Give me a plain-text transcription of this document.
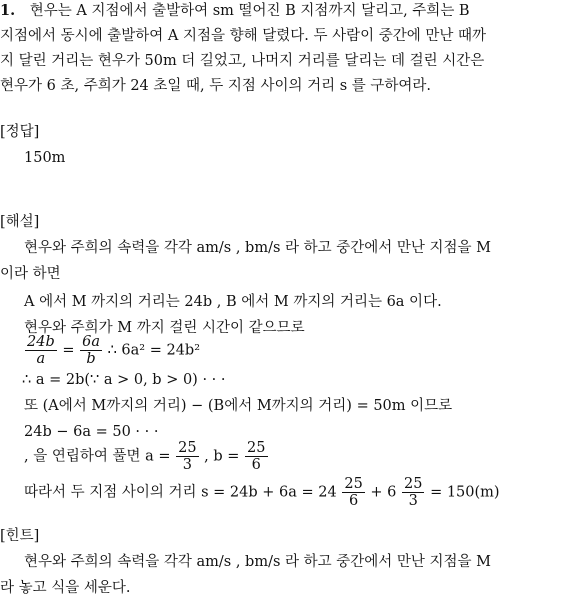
1. 현우는 A 지점에서 출발하여 sm 떨어진 B 지점까지 달리고, 주희는 B
지점에서 동시에 출발하여 A 지점을 향해 달렸다. 두 사람이 중간에 만난 때까
지 달린 거리는 현우가 50m 더 길었고, 나머지 거리를 달리는 데 걸린 시간은
현우가 6 초, 주희가 24 초일 때, 두 지점 사이의 거리 s 를 구하여라.
[정답]
150m
[해설]
현우와 주희의 속력을 각각 am/s , bm/s 라 하고 중간에서 만난 지점을 M
이라 하면
A 에서 M 까지의 거리는 24b , B 에서 M 까지의 거리는 6a 이다.
현우와 주희가 M 까지 걸린 시간이 같으므로
$\frac{24b}{a} = \frac{6a}{b}$ ∴ 6a² = 24b²
∴ a = 2b(∵ a > 0, b > 0) · · ·
또 (A에서 M까지의 거리) − (B에서 M까지의 거리) = 50m 이므로
24b − 6a = 50 · · ·
, 을 연립하여 풀면 $a = \frac{25}{3}$ , $b = \frac{25}{6}$
따라서 두 지점 사이의 거리 $s = 24b + 6a = 24 \frac{25}{6} + 6 \frac{25}{3} = 150(m)$
[힌트]
현우와 주희의 속력을 각각 am/s , bm/s 라 하고 중간에서 만난 지점을 M
라 놓고 식을 세운다.
